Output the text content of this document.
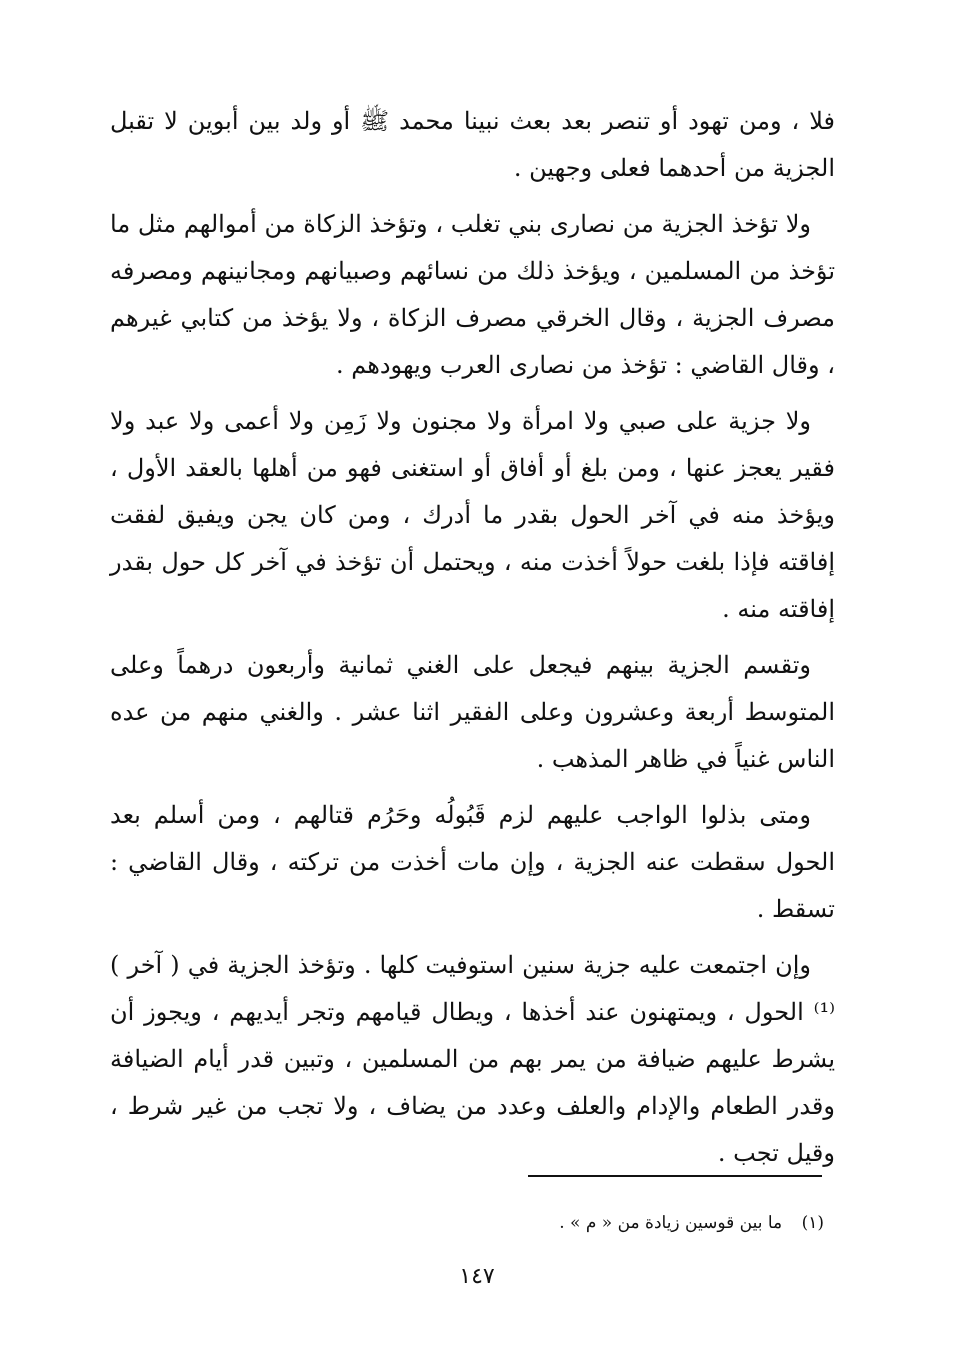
فلا ، ومن تهود أو تنصر بعد بعث نبينا محمد ﷺ أو ولد بين أبوين لا تقبل الجزية من أحدهما فعلى وجهين .

ولا تؤخذ الجزية من نصارى بني تغلب ، وتؤخذ الزكاة من أموالهم مثل ما تؤخذ من المسلمين ، ويؤخذ ذلك من نسائهم وصبيانهم ومجانينهم ومصرفه مصرف الجزية ، وقال الخرقي مصرف الزكاة ، ولا يؤخذ من كتابي غيرهم ، وقال القاضي : تؤخذ من نصارى العرب ويهودهم .

ولا جزية على صبي ولا امرأة ولا مجنون ولا زَمِن ولا أعمى ولا عبد ولا فقير يعجز عنها ، ومن بلغ أو أفاق أو استغنى فهو من أهلها بالعقد الأول ، ويؤخذ منه في آخر الحول بقدر ما أدرك ، ومن كان يجن ويفيق لفقت إفاقته فإذا بلغت حولاً أخذت منه ، ويحتمل أن تؤخذ في آخر كل حول بقدر إفاقته منه .

وتقسم الجزية بينهم فيجعل على الغني ثمانية وأربعون درهماً وعلى المتوسط أربعة وعشرون وعلى الفقير اثنا عشر . والغني منهم من عده الناس غنياً في ظاهر المذهب .

ومتى بذلوا الواجب عليهم لزم قَبُولُه وحَرُم قتالهم ، ومن أسلم بعد الحول سقطت عنه الجزية ، وإن مات أخذت من تركته ، وقال القاضي : تسقط .

وإن اجتمعت عليه جزية سنين استوفيت كلها . وتؤخذ الجزية في ( آخر )⁽¹⁾ الحول ، ويمتهنون عند أخذها ، ويطال قيامهم وتجر أيديهم ، ويجوز أن يشرط عليهم ضيافة من يمر بهم من المسلمين ، وتبين قدر أيام الضيافة وقدر الطعام والإدام والعلف وعدد من يضاف ، ولا تجب من غير شرط ، وقيل تجب .

(١) ما بين قوسين زيادة من « م » .
١٤٧
